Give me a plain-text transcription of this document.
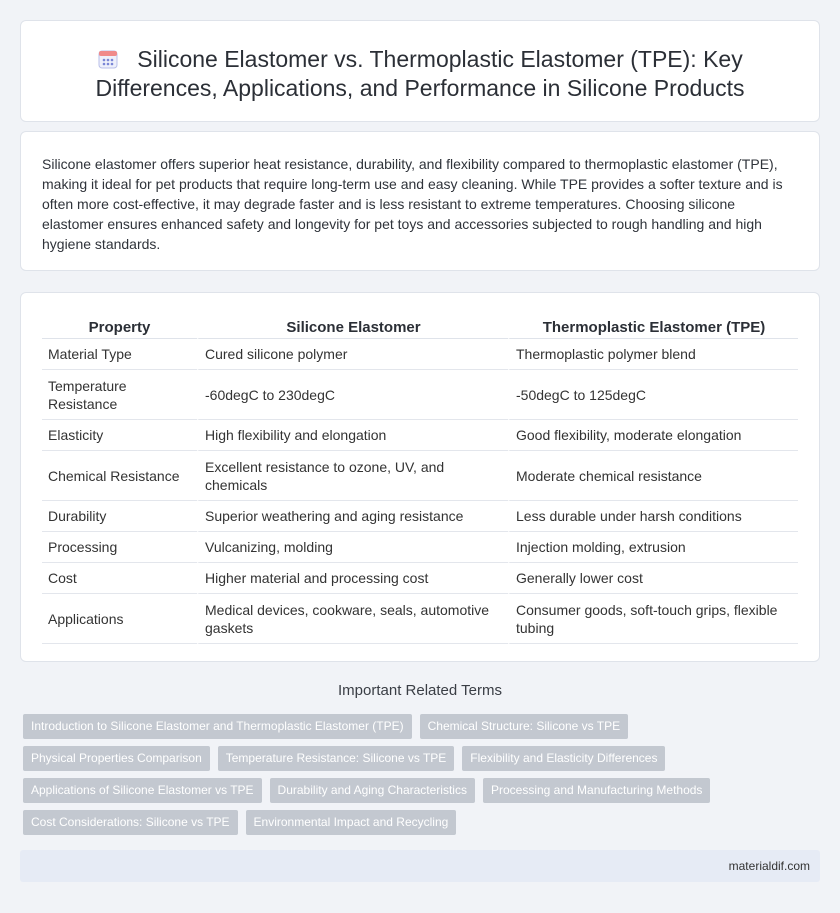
Silicone Elastomer vs. Thermoplastic Elastomer (TPE): Key Differences, Applications, and Performance in Silicone Products

Silicone elastomer offers superior heat resistance, durability, and flexibility compared to thermoplastic elastomer (TPE), making it ideal for pet products that require long-term use and easy cleaning. While TPE provides a softer texture and is often more cost-effective, it may degrade faster and is less resistant to extreme temperatures. Choosing silicone elastomer ensures enhanced safety and longevity for pet toys and accessories subjected to rough handling and high hygiene standards.

Property	Silicone Elastomer	Thermoplastic Elastomer (TPE)
Material Type	Cured silicone polymer	Thermoplastic polymer blend
Temperature Resistance	-60degC to 230degC	-50degC to 125degC
Elasticity	High flexibility and elongation	Good flexibility, moderate elongation
Chemical Resistance	Excellent resistance to ozone, UV, and chemicals	Moderate chemical resistance
Durability	Superior weathering and aging resistance	Less durable under harsh conditions
Processing	Vulcanizing, molding	Injection molding, extrusion
Cost	Higher material and processing cost	Generally lower cost
Applications	Medical devices, cookware, seals, automotive gaskets	Consumer goods, soft-touch grips, flexible tubing
Important Related Terms
Introduction to Silicone Elastomer and Thermoplastic Elastomer (TPE)	Chemical Structure: Silicone vs TPE
Physical Properties Comparison	Temperature Resistance: Silicone vs TPE	Flexibility and Elasticity Differences
Applications of Silicone Elastomer vs TPE	Durability and Aging Characteristics	Processing and Manufacturing Methods
Cost Considerations: Silicone vs TPE	Environmental Impact and Recycling
materialdif.com
